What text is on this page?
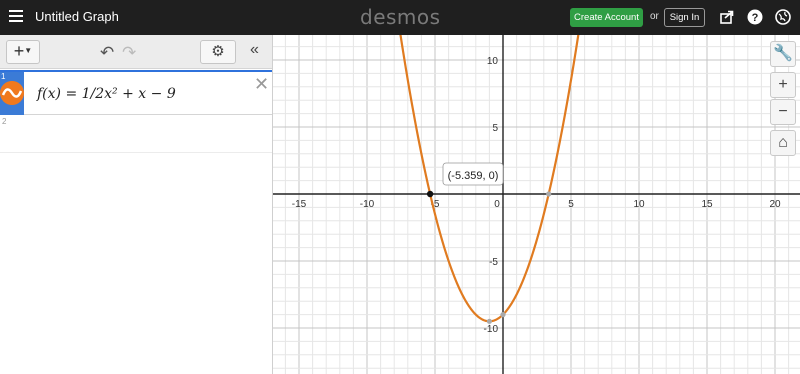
Untitled Graph	desmos	Create Account	or	Sign In	?
+▼	↶ ↷	⚙	«
1
f(x) = 1/2x² + x − 9	✕
2
-15	-10	-5	0	5	10	15	20
10
5
-5
-10
(-5.359, 0)
🔧
+
−
⌂
